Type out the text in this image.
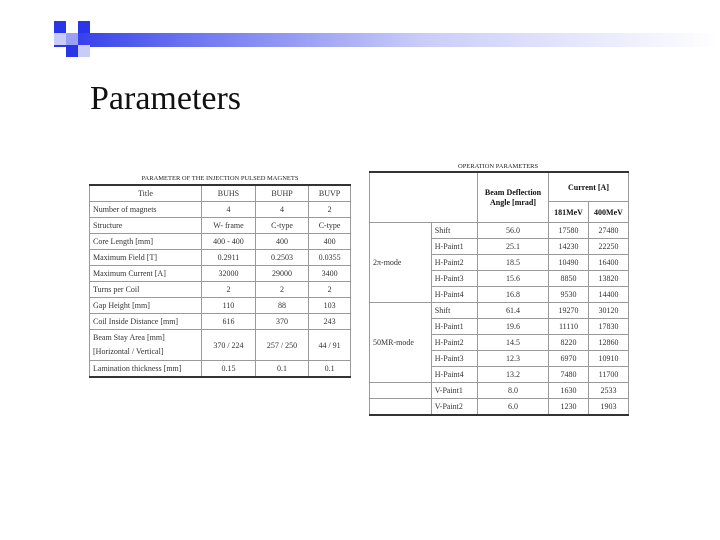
Parameters
PARAMETER OF THE INJECTION PULSED MAGNETS
Title	BUHS	BUHP	BUVP
Number of magnets	4	4	2
Structure	W- frame	C-type	C-type
Core Length [mm]	400 - 400	400	400
Maximum Field [T]	0.2911	0.2503	0.0355
Maximum Current [A]	32000	29000	3400
Turns per Coil	2	2	2
Gap Height [mm]	110	88	103
Coil Inside Distance [mm]	616	370	243
Beam Stay Area [mm]
[Horizontal / Vertical]	370 / 224	257 / 250	44 / 91
Lamination thickness [mm]	0.15	0.1	0.1
OPERATION PARAMETERS
		Beam Deflection Angle [mrad]	Current [A]	
			181MeV	400MeV
2π-mode	Shift	56.0	17580	27480
	H-Paint1	25.1	14230	22250
	H-Paint2	18.5	10490	16400
	H-Paint3	15.6	8850	13820
	H-Paint4	16.8	9530	14400
50MR-mode	Shift	61.4	19270	30120
	H-Paint1	19.6	11110	17830
	H-Paint2	14.5	8220	12860
	H-Paint3	12.3	6970	10910
	H-Paint4	13.2	7480	11700
	V-Paint1	8.0	1630	2533
	V-Paint2	6.0	1230	1903
